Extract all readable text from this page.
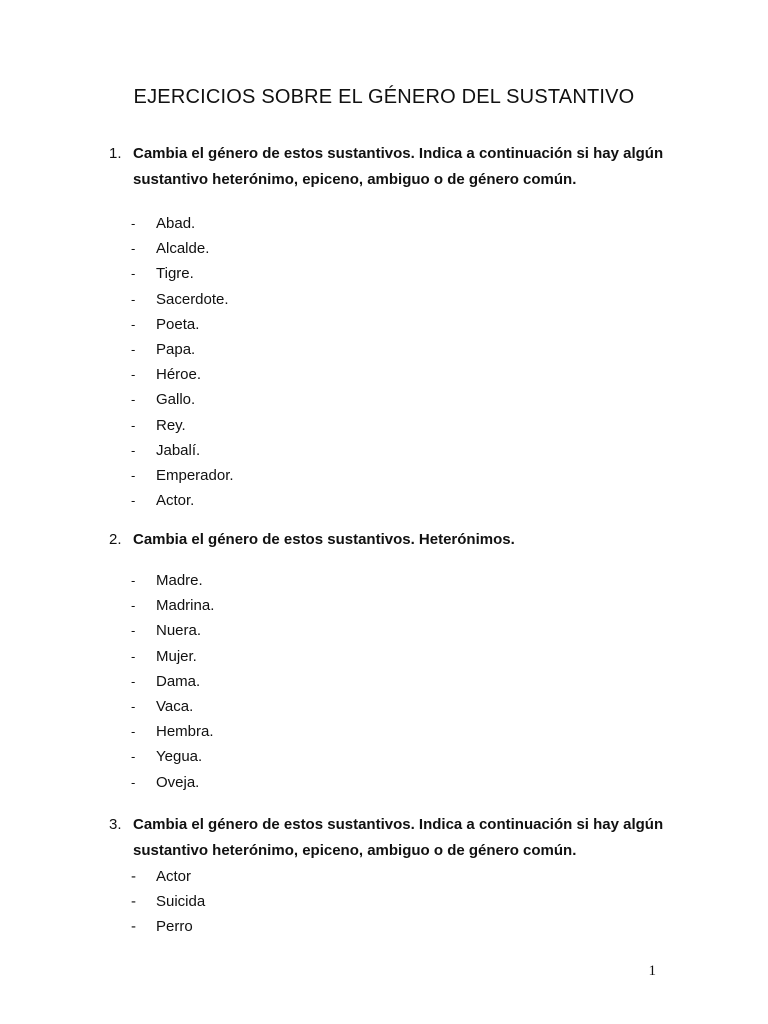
EJERCICIOS SOBRE EL GÉNERO DEL SUSTANTIVO
1. Cambia el género de estos sustantivos. Indica a continuación si hay algún sustantivo heterónimo, epiceno, ambiguo o de género común.
-	Abad.
-	Alcalde.
-	Tigre.
-	Sacerdote.
-	Poeta.
-	Papa.
-	Héroe.
-	Gallo.
-	Rey.
-	Jabalí.
-	Emperador.
-	Actor.
2. Cambia el género de estos sustantivos. Heterónimos.
-	Madre.
-	Madrina.
-	Nuera.
-	Mujer.
-	Dama.
-	Vaca.
-	Hembra.
-	Yegua.
-	Oveja.
3. Cambia el género de estos sustantivos. Indica a continuación si hay algún sustantivo heterónimo, epiceno, ambiguo o de género común.
-	Actor
-	Suicida
-	Perro
1
